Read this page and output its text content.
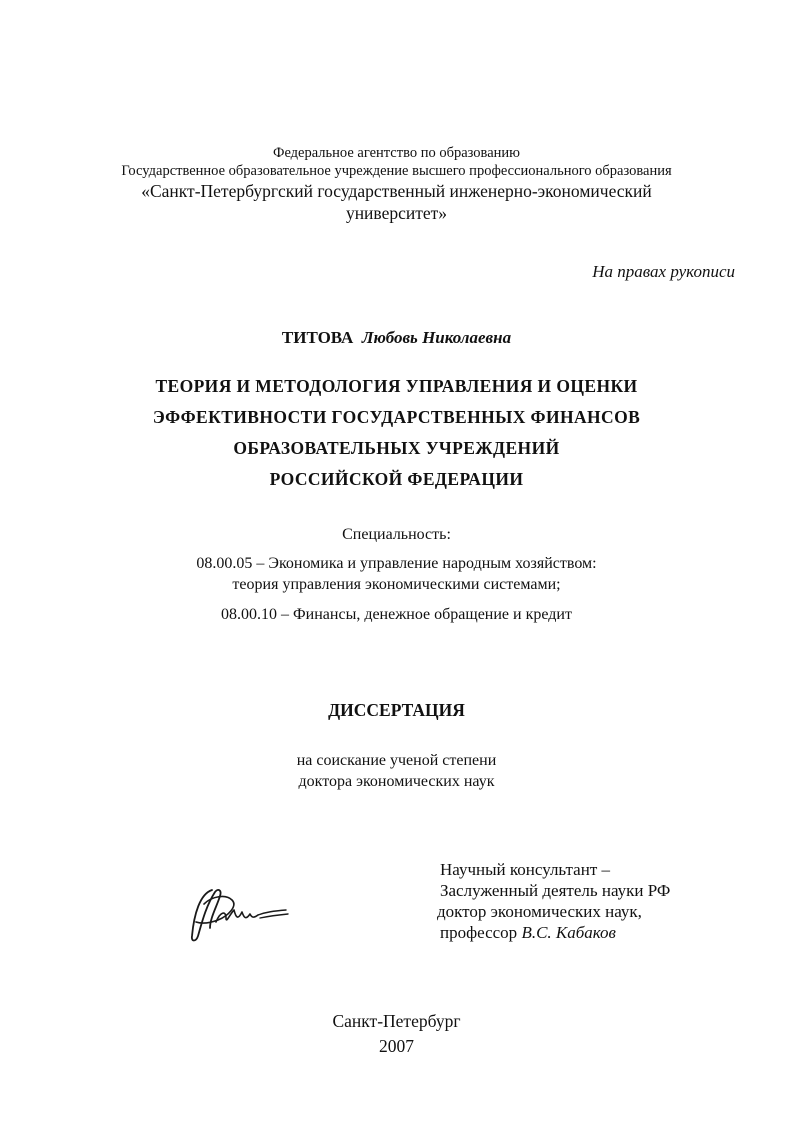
Федеральное агентство по образованию
Государственное образовательное учреждение высшего профессионального образования
«Санкт-Петербургский государственный инженерно-экономический
университет»
На правах рукописи
ТИТОВА Любовь Николаевна
ТЕОРИЯ И МЕТОДОЛОГИЯ УПРАВЛЕНИЯ И ОЦЕНКИ
ЭФФЕКТИВНОСТИ ГОСУДАРСТВЕННЫХ ФИНАНСОВ
ОБРАЗОВАТЕЛЬНЫХ УЧРЕЖДЕНИЙ
РОССИЙСКОЙ ФЕДЕРАЦИИ
Специальность:
08.00.05 – Экономика и управление народным хозяйством:
теория управления экономическими системами;
08.00.10 – Финансы, денежное обращение и кредит
ДИССЕРТАЦИЯ
на соискание ученой степени
доктора экономических наук
Научный консультант –
Заслуженный деятель науки РФ
доктор экономических наук,
профессор В.С. Кабаков
Санкт-Петербург
2007
